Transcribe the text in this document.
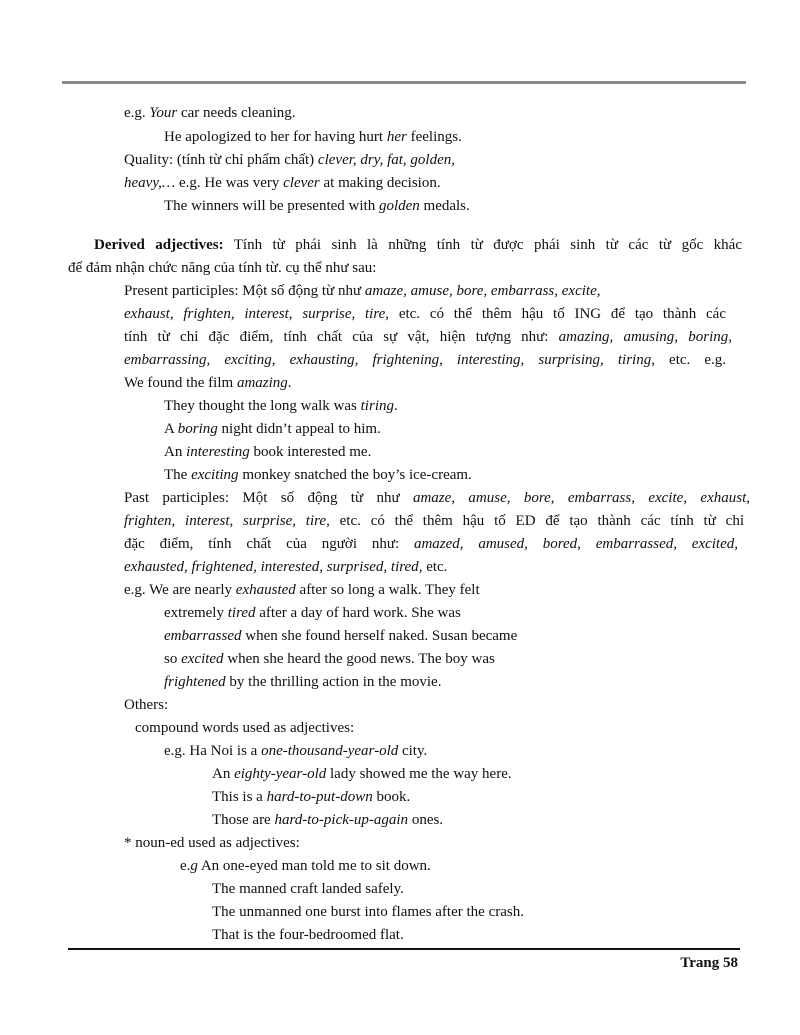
e.g. Your car needs cleaning.
He apologized to her for having hurt her feelings.
Quality: (tính từ chỉ phẩm chất) clever, dry, fat, golden,
heavy,… e.g. He was very clever at making decision.
The winners will be presented with golden medals.
Derived adjectives: Tính từ phái sinh là những tính từ được phái sinh từ các từ gốc khác
để đảm nhận chức năng của tính từ. cụ thể như sau:
Present participles: Một số động từ như amaze, amuse, bore, embarrass, excite,
exhaust, frighten, interest, surprise, tire, etc. có thể thêm hậu tố ING để tạo thành các
tính từ chỉ đặc điểm, tính chất của sự vật, hiện tượng như: amazing, amusing, boring,
embarrassing, exciting, exhausting, frightening, interesting, surprising, tiring, etc. e.g.
We found the film amazing.
They thought the long walk was tiring.
A boring night didn’t appeal to him.
An interesting book interested me.
The exciting monkey snatched the boy’s ice-cream.
Past participles: Một số động từ như amaze, amuse, bore, embarrass, excite, exhaust,
frighten, interest, surprise, tire, etc. có thể thêm hậu tố ED để tạo thành các tính từ chỉ
đặc điểm, tính chất của người như: amazed, amused, bored, embarrassed, excited,
exhausted, frightened, interested, surprised, tired, etc.
e.g. We are nearly exhausted after so long a walk. They felt
extremely tired after a day of hard work. She was
embarrassed when she found herself naked. Susan became
so excited when she heard the good news. The boy was
frightened by the thrilling action in the movie.
Others:
compound words used as adjectives:
e.g. Ha Noi is a one-thousand-year-old city.
An eighty-year-old lady showed me the way here.
This is a hard-to-put-down book.
Those are hard-to-pick-up-again ones.
* noun-ed used as adjectives:
e.g An one-eyed man told me to sit down.
The manned craft landed safely.
The unmanned one burst into flames after the crash.
That is the four-bedroomed flat.
Trang 58
